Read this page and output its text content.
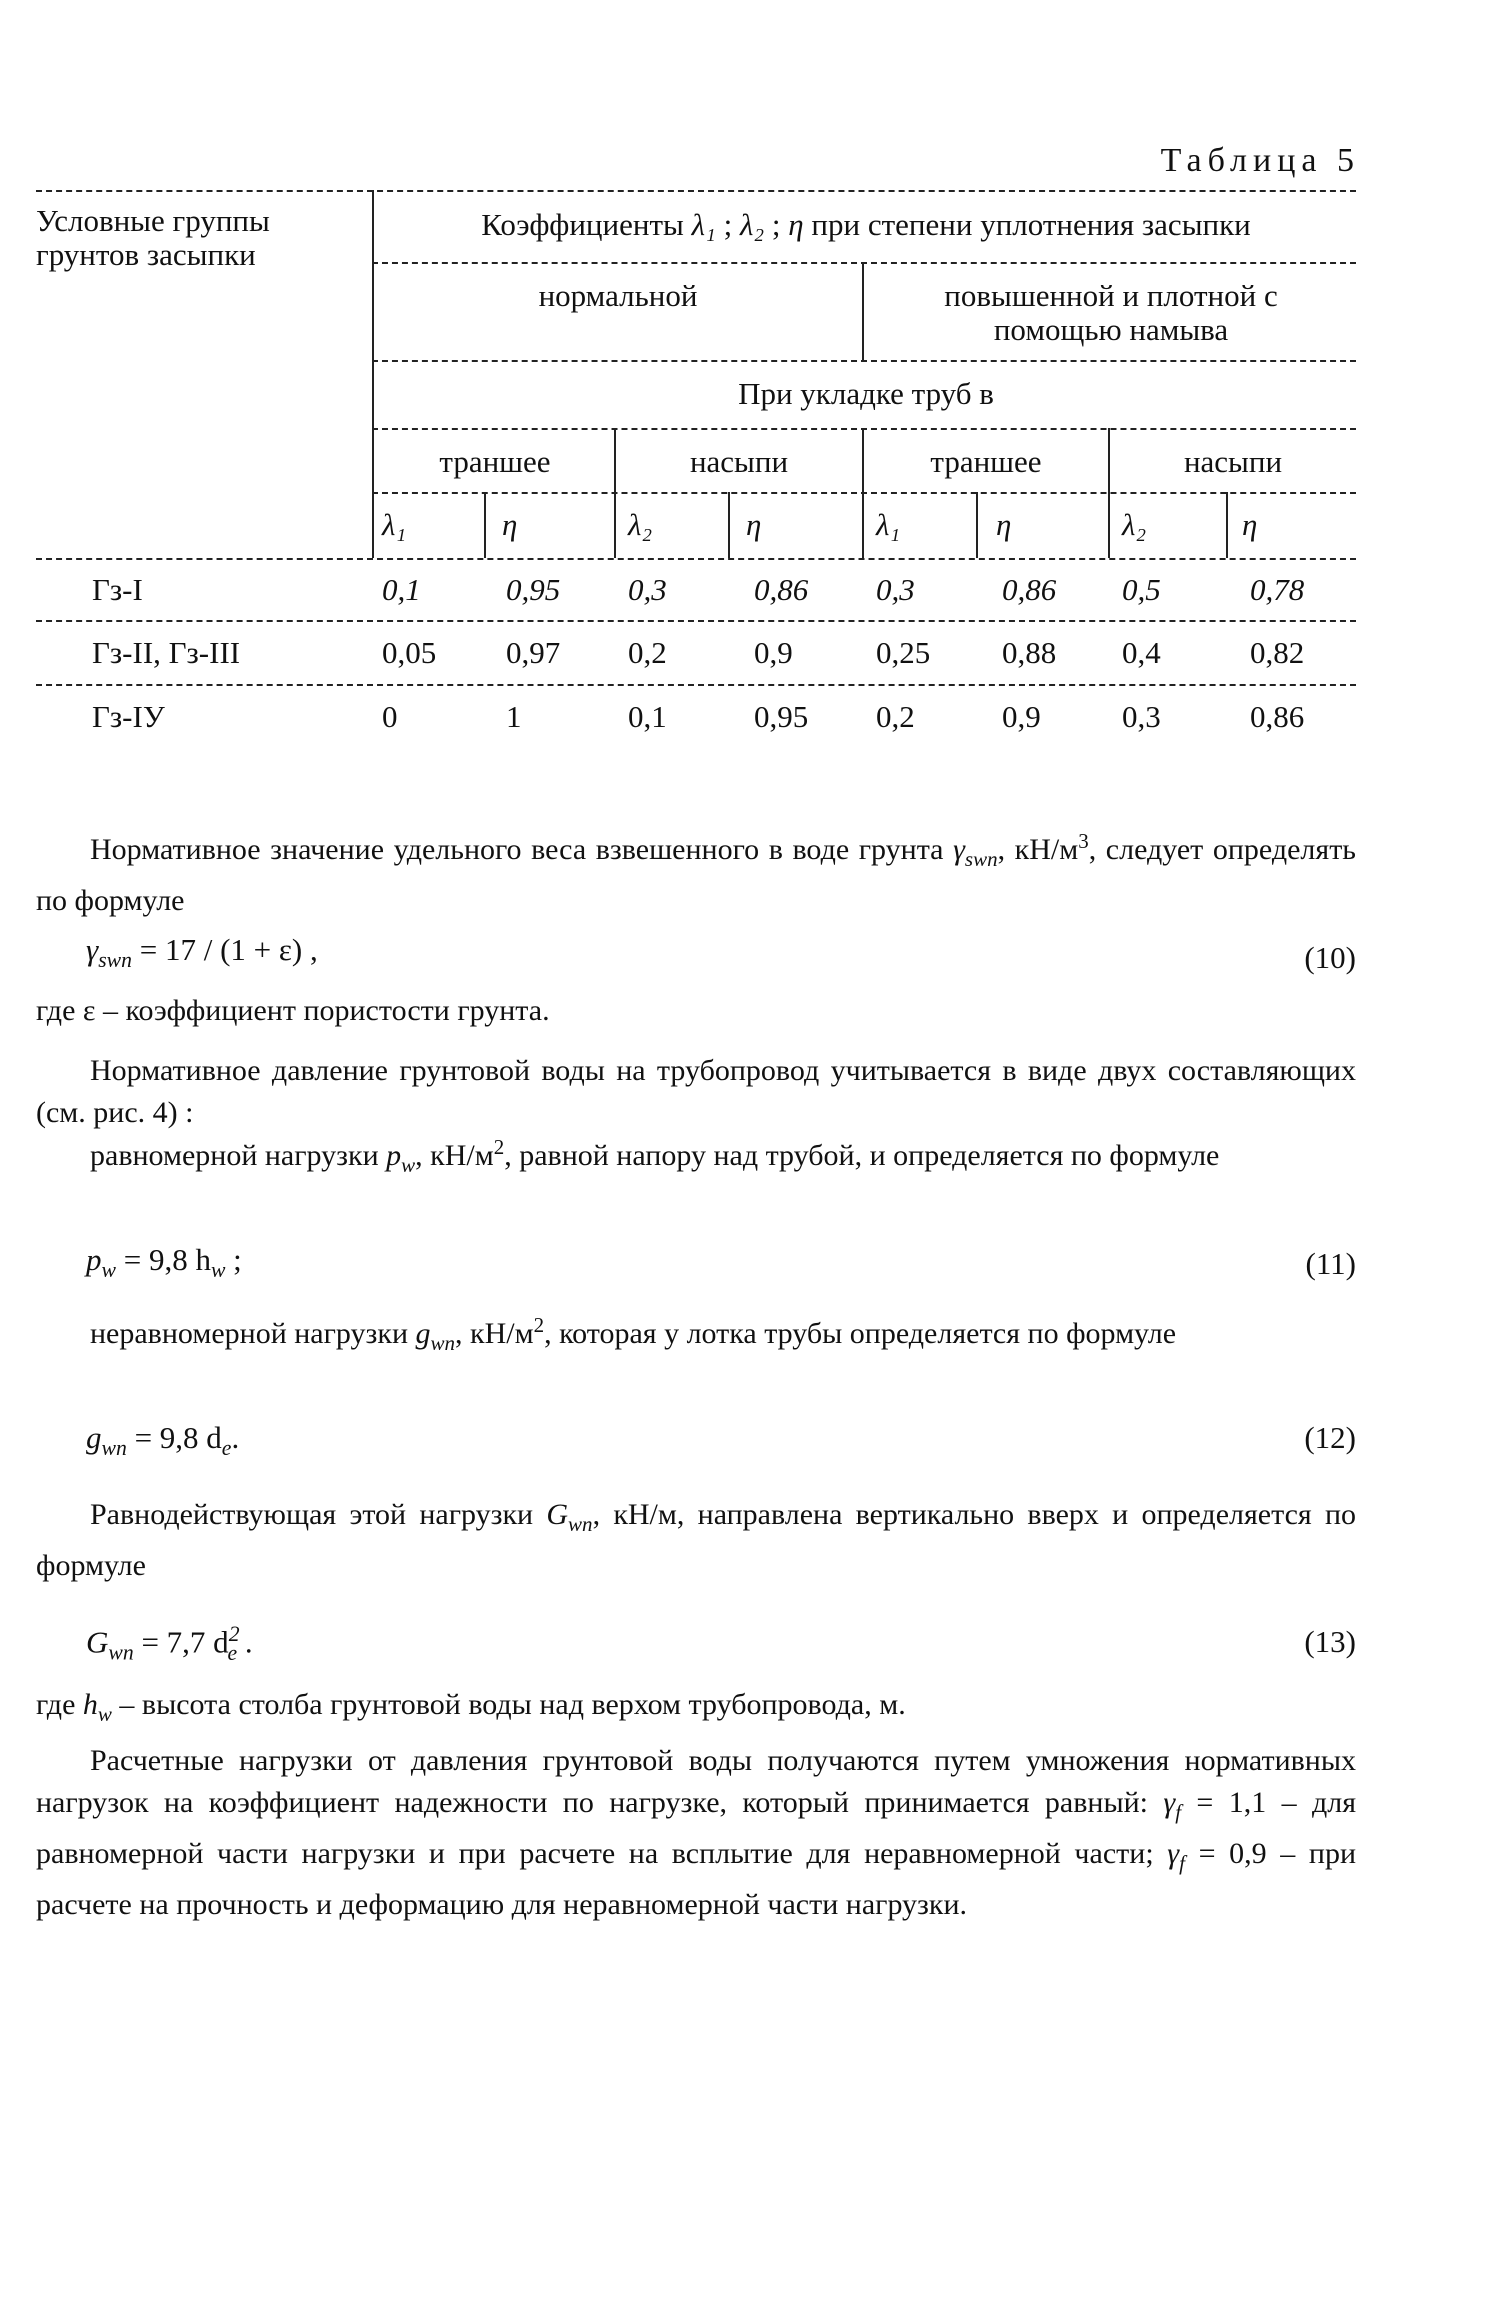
Таблица 5
Условные группы грунтов засыпки
Коэффициенты λ₁ ; λ₂ ; η при степени уплотнения засыпки
нормальной	повышенной и плотной с помощью намыва
При укладке труб в
траншее	насыпи	траншее	насыпи
λ₁	η	λ₂	η	λ₁	η	λ₂	η
Гз-I	0,1	0,95 0,3	0,86 0,3	0,86 0,5	0,78
Гз-II, Гз-III	0,05 0,97 0,2	0,9	0,25 0,88 0,4	0,82
Гз-IУ	0	1	0,1	0,95 0,2	0,9	0,3	0,86
Нормативное значение удельного веса взвешенного в воде грунта $\gamma_{swn}$, $кН/м^3$, следует определять по формуле
$\gamma_{swn} = 17 / (1 + \varepsilon)$ ,	(10)
где ε – коэффициент пористости грунта.
Нормативное давление грунтовой воды на трубопровод учитывается в виде двух составляющих (см. рис. 4) :
равномерной нагрузки $p_w$, $кН/м^2$, равной напору над трубой, и определяется по формуле
$p_w = 9,8$ $h_w$ ;	(11)
неравномерной нагрузки $g_{wn}$, $кН/м^2$, которая у лотка трубы определяется по формуле
$g_{wn} = 9,8$ $d_e$.	(12)
Равнодействующая этой нагрузки $G_{wn}$, кН/м, направлена вертикально вверх и определяется по формуле
$G_{wn} = 7,7$ $d^2_e$ .	(13)
где $h_w$ – высота столба грунтовой воды над верхом трубопровода, м.
Расчетные нагрузки от давления грунтовой воды получаются путем умножения нормативных нагрузок на коэффициент надежности по нагрузке, который принимается равный: $\gamma_f = 1,1$ – для равномерной части нагрузки и при расчете на всплытие для неравномерной части; $\gamma_f = 0,9$ – при расчете на прочность и деформацию для неравномерной части нагрузки.
